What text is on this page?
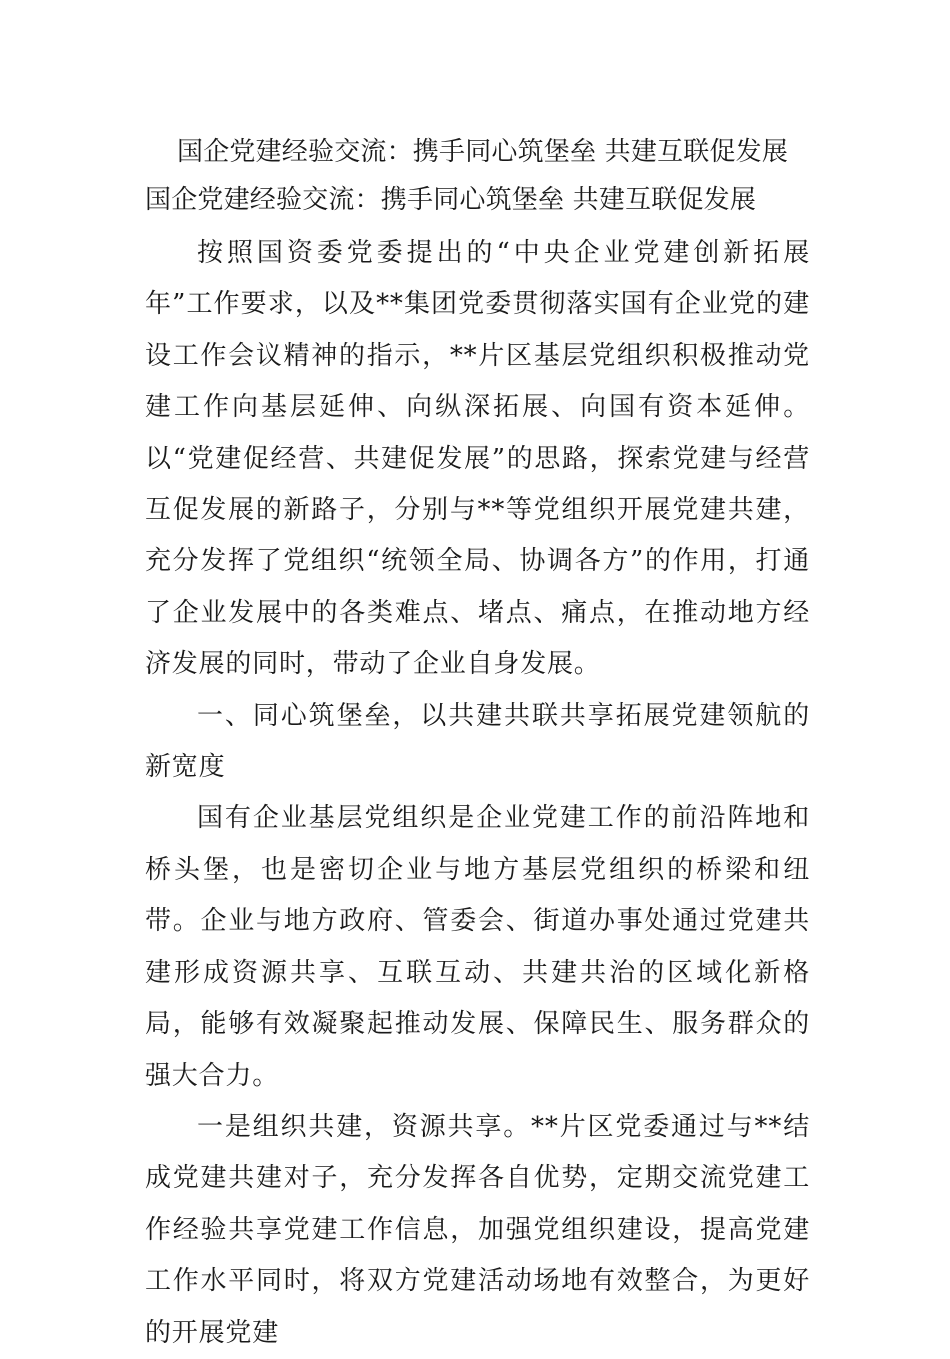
国企党建经验交流：携手同心筑堡垒 共建互联促发展
国企党建经验交流：携手同心筑堡垒 共建互联促发展

按照国资委党委提出的“中央企业党建创新拓展年”工作要求，以及**集团党委贯彻落实国有企业党的建设工作会议精神的指示，**片区基层党组织积极推动党建工作向基层延伸、向纵深拓展、向国有资本延伸。以“党建促经营、共建促发展”的思路，探索党建与经营互促发展的新路子，分别与**等党组织开展党建共建，充分发挥了党组织“统领全局、协调各方”的作用，打通了企业发展中的各类难点、堵点、痛点，在推动地方经济发展的同时，带动了企业自身发展。

一、同心筑堡垒，以共建共联共享拓展党建领航的新宽度

国有企业基层党组织是企业党建工作的前沿阵地和桥头堡，也是密切企业与地方基层党组织的桥梁和纽带。企业与地方政府、管委会、街道办事处通过党建共建形成资源共享、互联互动、共建共治的区域化新格局，能够有效凝聚起推动发展、保障民生、服务群众的强大合力。

一是组织共建，资源共享。**片区党委通过与**结成党建共建对子，充分发挥各自优势，定期交流党建工作经验共享党建工作信息，加强党组织建设，提高党建工作水平同时，将双方党建活动场地有效整合，为更好的开展党建
